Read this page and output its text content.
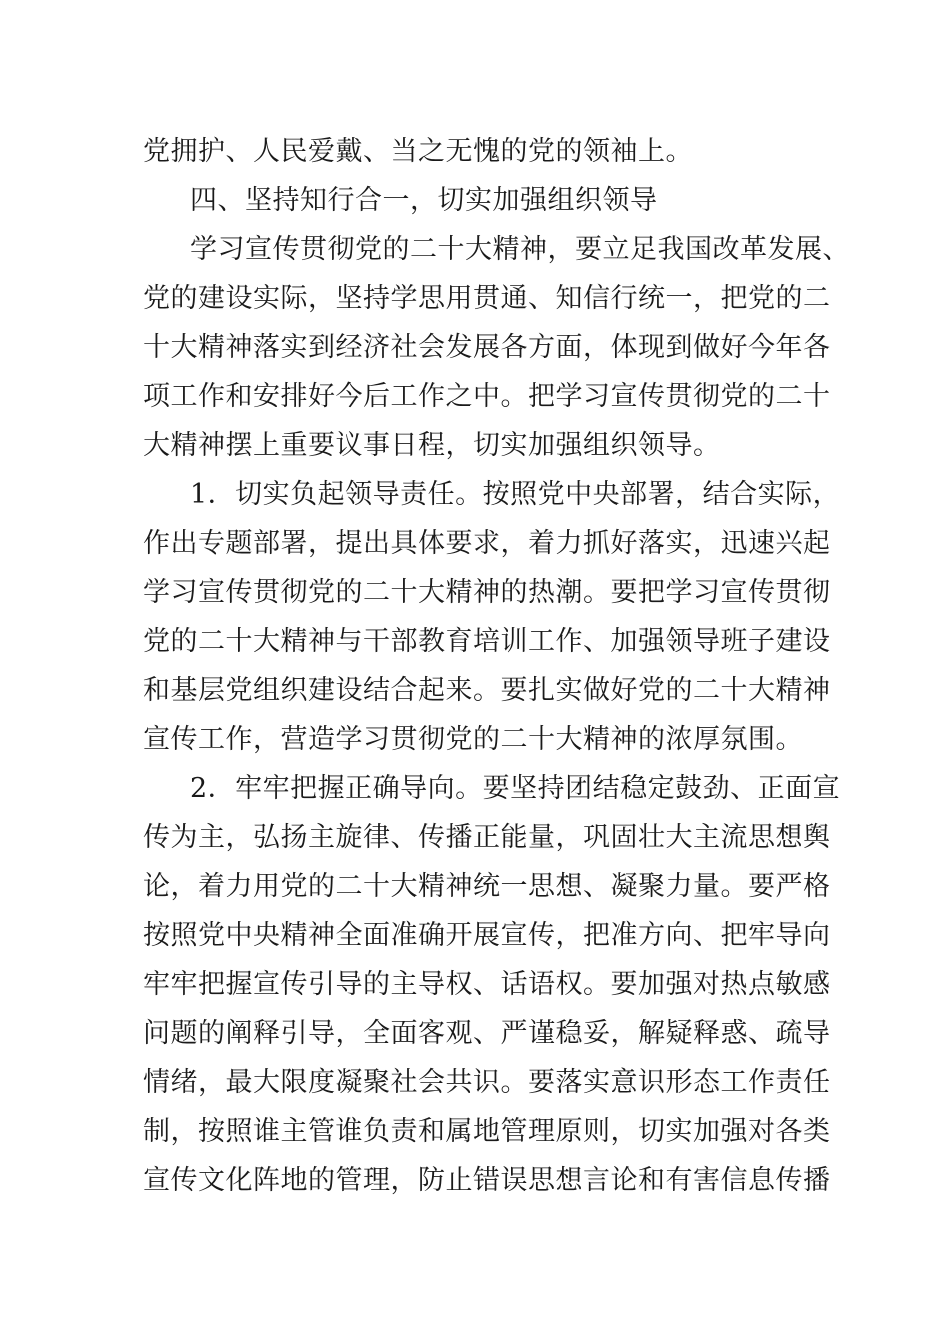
党拥护、人民爱戴、当之无愧的党的领袖上。
四、坚持知行合一，切实加强组织领导
学习宣传贯彻党的二十大精神，要立足我国改革发展、
党的建设实际，坚持学思用贯通、知信行统一，把党的二
十大精神落实到经济社会发展各方面，体现到做好今年各
项工作和安排好今后工作之中。把学习宣传贯彻党的二十
大精神摆上重要议事日程，切实加强组织领导。
1．切实负起领导责任。按照党中央部署，结合实际，
作出专题部署，提出具体要求，着力抓好落实，迅速兴起
学习宣传贯彻党的二十大精神的热潮。要把学习宣传贯彻
党的二十大精神与干部教育培训工作、加强领导班子建设
和基层党组织建设结合起来。要扎实做好党的二十大精神
宣传工作，营造学习贯彻党的二十大精神的浓厚氛围。
2．牢牢把握正确导向。要坚持团结稳定鼓劲、正面宣
传为主，弘扬主旋律、传播正能量，巩固壮大主流思想舆
论，着力用党的二十大精神统一思想、凝聚力量。要严格
按照党中央精神全面准确开展宣传，把准方向、把牢导向
牢牢把握宣传引导的主导权、话语权。要加强对热点敏感
问题的阐释引导，全面客观、严谨稳妥，解疑释惑、疏导
情绪，最大限度凝聚社会共识。要落实意识形态工作责任
制，按照谁主管谁负责和属地管理原则，切实加强对各类
宣传文化阵地的管理，防止错误思想言论和有害信息传播
